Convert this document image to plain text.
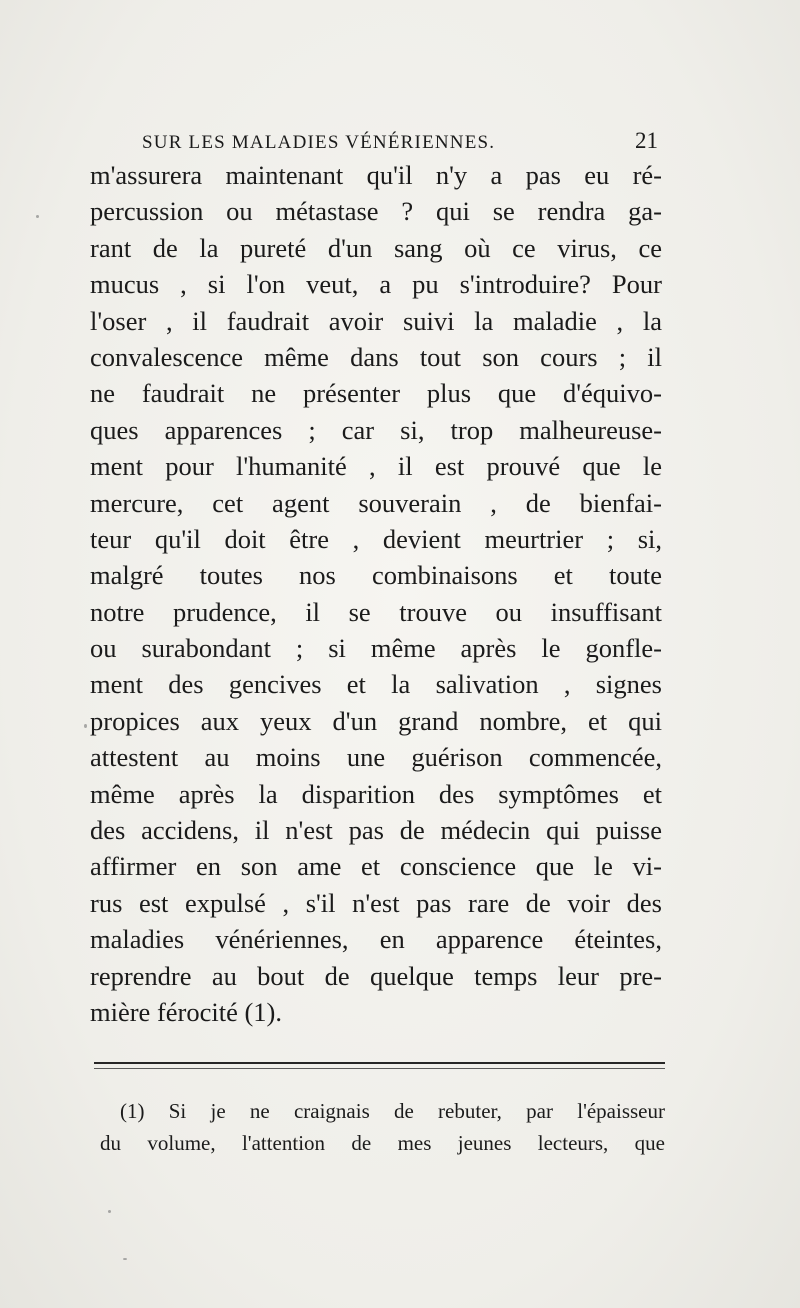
SUR LES MALADIES VÉNÉRIENNES.	21
m'assurera maintenant qu'il n'y a pas eu ré-
percussion ou métastase ? qui se rendra ga-
rant de la pureté d'un sang où ce virus, ce
mucus , si l'on veut, a pu s'introduire? Pour
l'oser , il faudrait avoir suivi la maladie , la
convalescence même dans tout son cours ; il
ne faudrait ne présenter plus que d'équivo-
ques apparences ; car si, trop malheureuse-
ment pour l'humanité , il est prouvé que le
mercure, cet agent souverain , de bienfai-
teur qu'il doit être , devient meurtrier ; si,
malgré toutes nos combinaisons et toute
notre prudence, il se trouve ou insuffisant
ou surabondant ; si même après le gonfle-
ment des gencives et la salivation , signes
propices aux yeux d'un grand nombre, et qui
attestent au moins une guérison commencée,
même après la disparition des symptômes et
des accidens, il n'est pas de médecin qui puisse
affirmer en son ame et conscience que le vi-
rus est expulsé , s'il n'est pas rare de voir des
maladies vénériennes, en apparence éteintes,
reprendre au bout de quelque temps leur pre-
mière férocité (1).
(1) Si je ne craignais de rebuter, par l'épaisseur
du volume, l'attention de mes jeunes lecteurs, que
